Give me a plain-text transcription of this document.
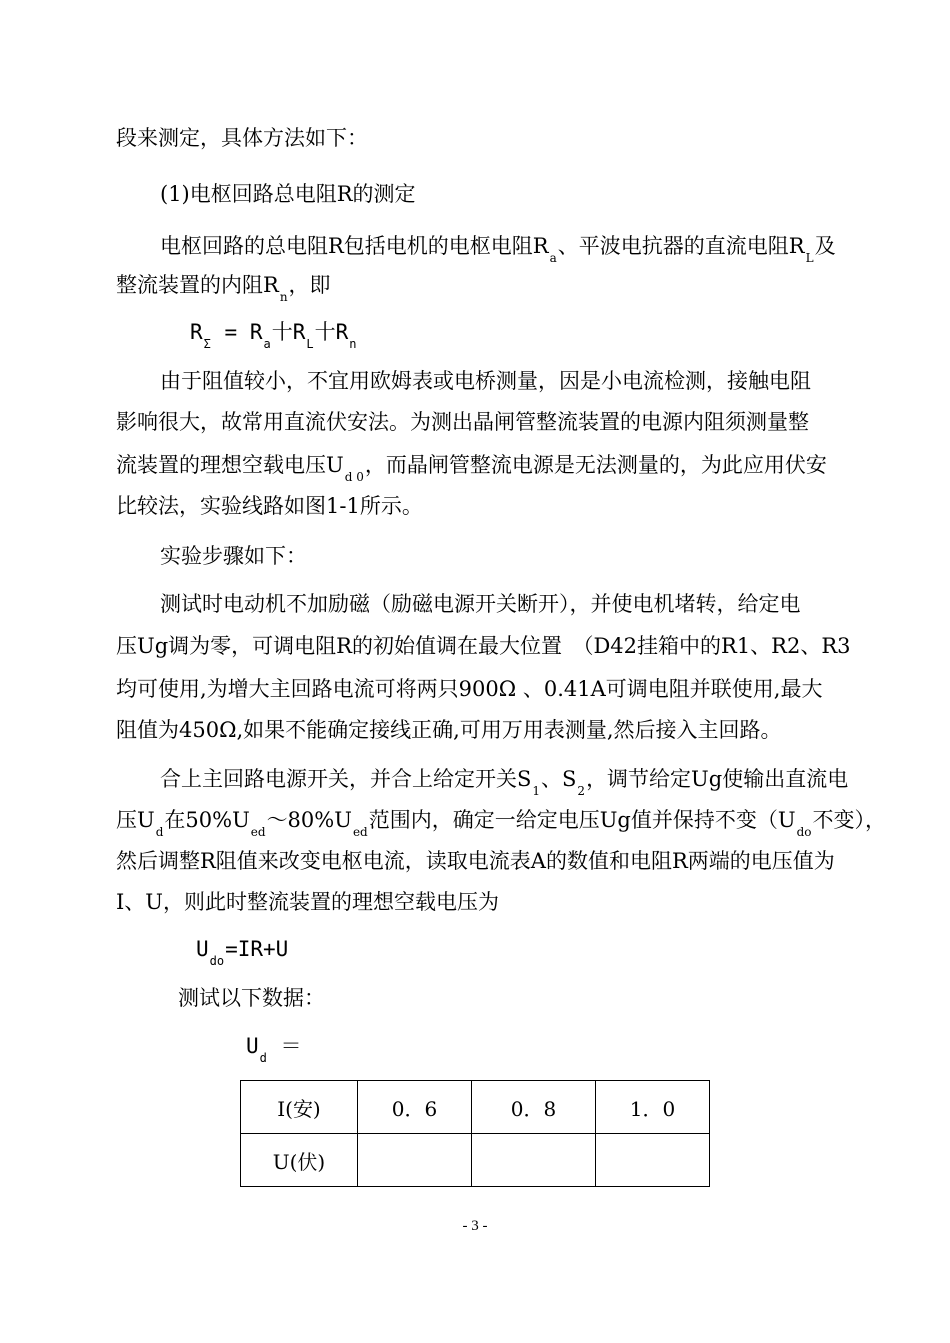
段来测定，具体方法如下：
(1)电枢回路总电阻R的测定
电枢回路的总电阻R包括电机的电枢电阻$R_a$、平波电抗器的直流电阻$R_L$及
整流装置的内阻$R_n$，即
$R_\Sigma = R_a$十$R_L$十$R_n$
由于阻值较小，不宜用欧姆表或电桥测量，因是小电流检测，接触电阻
影响很大，故常用直流伏安法。为测出晶闸管整流装置的电源内阻须测量整
流装置的理想空载电压$U_{d 0}$，而晶闸管整流电源是无法测量的，为此应用伏安
比较法，实验线路如图1-1所示。
实验步骤如下：
测试时电动机不加励磁（励磁电源开关断开），并使电机堵转，给定电
压Ug调为零，可调电阻R的初始值调在最大位置　（D42挂箱中的R1、R2、R3
均可使用,为增大主回路电流可将两只900Ω 、0.41A可调电阻并联使用,最大
阻值为450Ω,如果不能确定接线正确,可用万用表测量,然后接入主回路。
合上主回路电源开关，并合上给定开关$S_1$、$S_2$，调节给定Ug使输出直流电
压$U_d$在$50\%U_{ed}\sim 80\%U_{ed}$范围内，确定一给定电压Ug值并保持不变（$U_{do}$不变），
然后调整R阻值来改变电枢电流，读取电流表A的数值和电阻R两端的电压值为
I、U，则此时整流装置的理想空载电压为
$U_{do}=IR+U$
测试以下数据：
$U_d$ ＝
I(安)	0．6	0．8	1．0
U(伏)			
- 3 -
